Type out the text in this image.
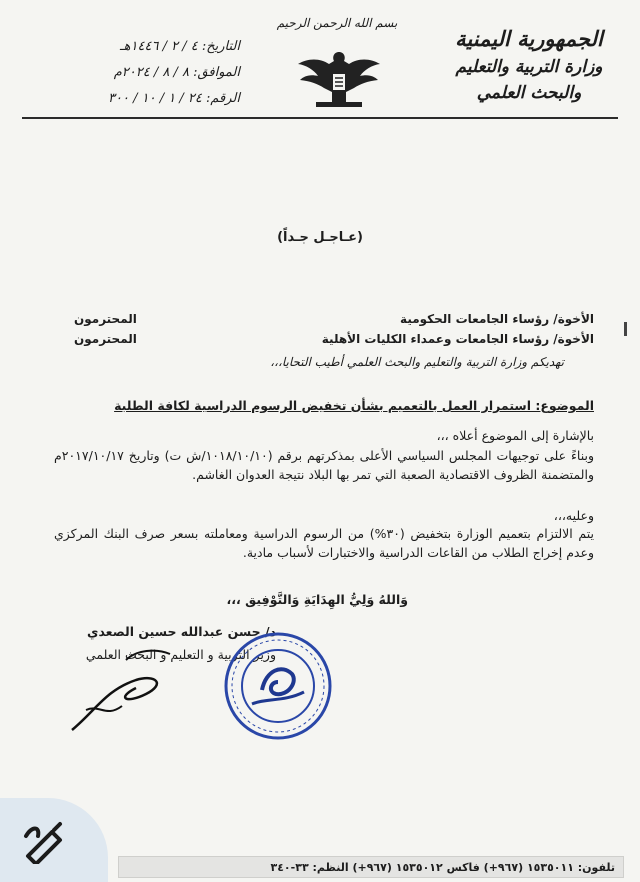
الجمهورية اليمنية
وزارة التربية والتعليم والبحث العلمي
بسم الله الرحمن الرحيم
التاريخ: ٤ / ٢ / ١٤٤٦هـ
الموافق: ٨ / ٨ / ٢٠٢٤م
الرقم: ٢٤ / ١ / ١٠ / ٣٠٠
(عـاجـل جـداً)
الأخوة/ رؤساء الجامعات الحكومية
المحترمون
الأخوة/ رؤساء الجامعات وعمداء الكليات الأهلية
المحترمون
تهديكم وزارة التربية والتعليم والبحث العلمي أطيب التحايا،،،
الموضوع: استمرار العمل بالتعميم بشأن تخفيض الرسوم الدراسية لكافة الطلبة
بالإشارة إلى الموضوع أعلاه ،،،
وبناءً على توجيهات المجلس السياسي الأعلى بمذكرتهم برقم (١٠١٨/١٠/١٠/ش ت) وتاريخ ٢٠١٧/١٠/١٧م والمتضمنة الظروف الاقتصادية الصعبة التي تمر بها البلاد نتيجة العدوان الغاشم.
وعليه،،،
يتم الالتزام بتعميم الوزارة بتخفيض (٣٠%) من الرسوم الدراسية ومعاملته بسعر صرف البنك المركزي وعدم إخراج الطلاب من القاعات الدراسية والاختبارات لأسباب مادية.
وَاللهُ وَلِيُّ الهِدَايَةِ وَالتَّوْفِيق ،،،
د/ حسن عبدالله حسين الصعدي
وزير التربية و التعليم و البحث العلمي
تلفون: ١٥٣٥٠١١ (٩٦٧+) فاكس ١٥٣٥٠١٢ (٩٦٧+) النظم: ٣٣-٣٤٠
